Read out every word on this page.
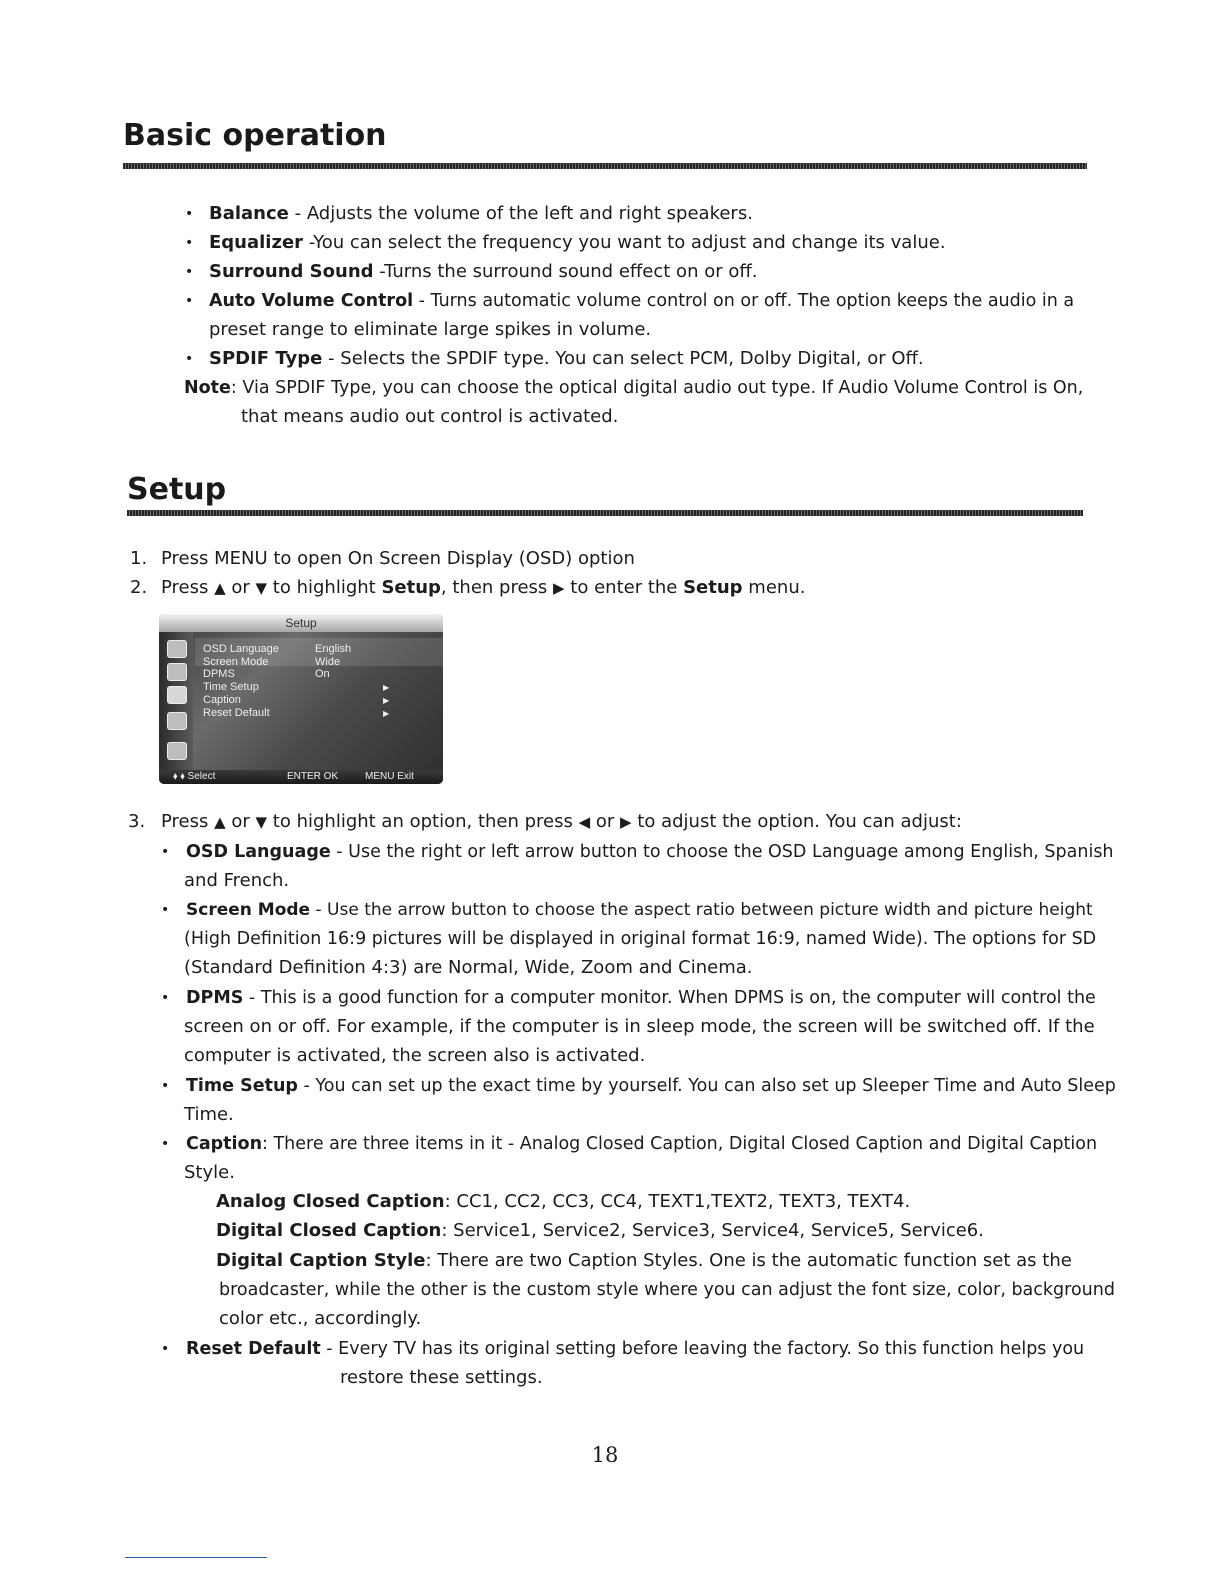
Basic operation
• Balance - Adjusts the volume of the left and right speakers.
• Equalizer -You can select the frequency you want to adjust and change its value.
• Surround Sound -Turns the surround sound effect on or off.
• Auto Volume Control - Turns automatic volume control on or off. The option keeps the audio in a
preset range to eliminate large spikes in volume.
• SPDIF Type - Selects the SPDIF type. You can select PCM, Dolby Digital, or Off.
Note: Via SPDIF Type, you can choose the optical digital audio out type. If Audio Volume Control is On,
that means audio out control is activated.
Setup
1. Press MENU to open On Screen Display (OSD) option
2. Press ▲ or ▼ to highlight Setup, then press ▶ to enter the Setup menu.
Setup
OSD Language	English
Screen Mode	Wide
DPMS	On
Time Setup	▶
Caption	▶
Reset Default	▶
⬧ ⬧ Select	ENTER OK	MENU Exit
3. Press ▲ or ▼ to highlight an option, then press ◀ or ▶ to adjust the option. You can adjust:
• OSD Language - Use the right or left arrow button to choose the OSD Language among English, Spanish
and French.
• Screen Mode - Use the arrow button to choose the aspect ratio between picture width and picture height
(High Definition 16:9 pictures will be displayed in original format 16:9, named Wide). The options for SD
(Standard Definition 4:3) are Normal, Wide, Zoom and Cinema.
• DPMS - This is a good function for a computer monitor. When DPMS is on, the computer will control the
screen on or off. For example, if the computer is in sleep mode, the screen will be switched off. If the
computer is activated, the screen also is activated.
• Time Setup - You can set up the exact time by yourself. You can also set up Sleeper Time and Auto Sleep
Time.
• Caption: There are three items in it - Analog Closed Caption, Digital Closed Caption and Digital Caption
Style.
Analog Closed Caption: CC1, CC2, CC3, CC4, TEXT1,TEXT2, TEXT3, TEXT4.
Digital Closed Caption: Service1, Service2, Service3, Service4, Service5, Service6.
Digital Caption Style: There are two Caption Styles. One is the automatic function set as the
broadcaster, while the other is the custom style where you can adjust the font size, color, background
color etc., accordingly.
• Reset Default - Every TV has its original setting before leaving the factory. So this function helps you
restore these settings.
18
